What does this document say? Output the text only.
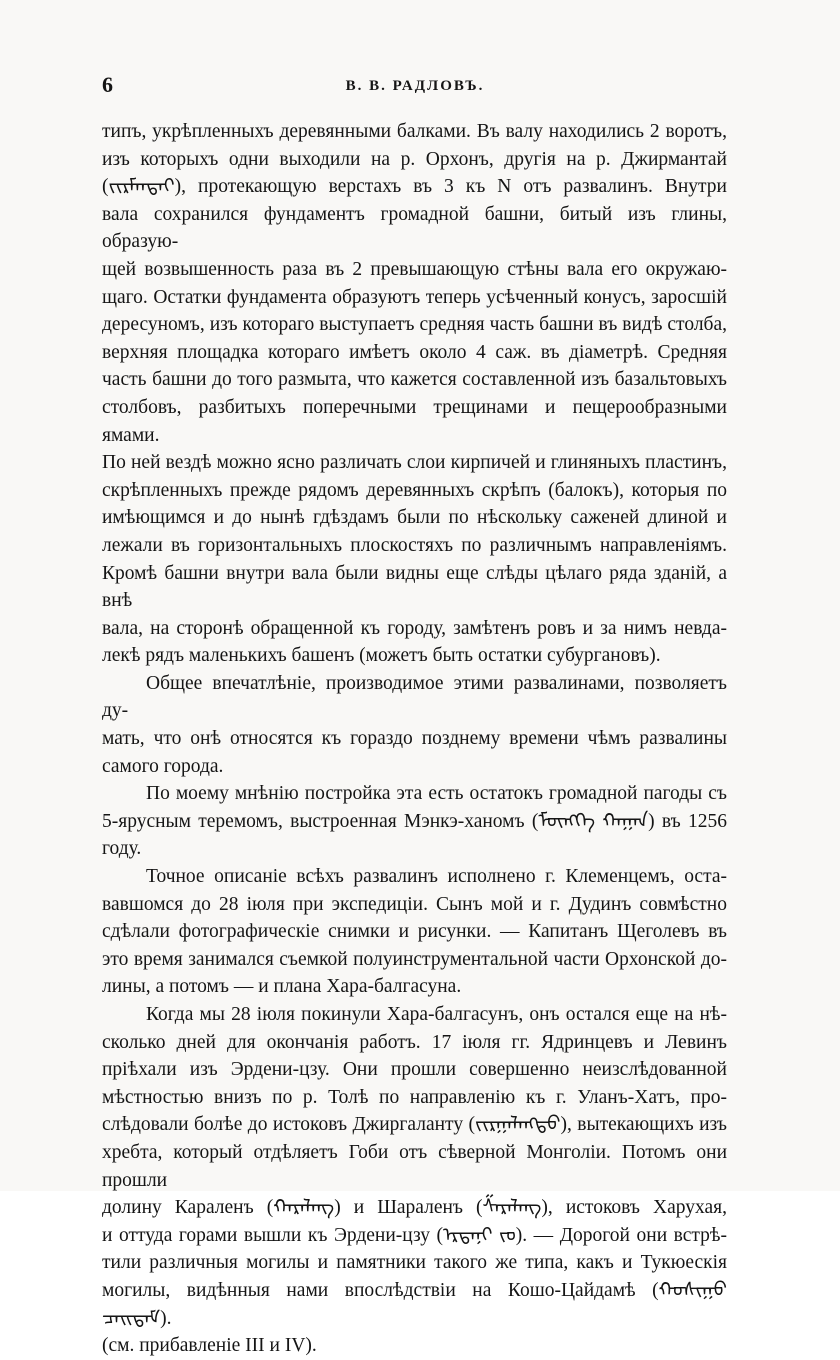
6	В. В. РАДЛОВЪ.

типъ, укрѣпленныхъ деревянными балками. Въ валу находились 2 воротъ,
изъ которыхъ одни выходили на р. Орхонъ, другія на р. Джирмантай
(ᠵᠢᠷᠮᠠᠨᠲᠠᠢ), протекающую верстахъ въ 3 къ N отъ развалинъ. Внутри
вала сохранился фундаментъ громадной башни, битый изъ глины, образую-
щей возвышенность раза въ 2 превышающую стѣны вала его окружаю-
щаго. Остатки фундамента образуютъ теперь усѣченный конусъ, заросшій
дересуномъ, изъ котораго выступаетъ средняя часть башни въ видѣ столба,
верхняя площадка котораго имѣетъ около 4 саж. въ діаметрѣ. Средняя
часть башни до того размыта, что кажется составленной изъ базальтовыхъ
столбовъ, разбитыхъ поперечными трещинами и пещерообразными ямами.
По ней вездѣ можно ясно различать слои кирпичей и глиняныхъ пластинъ,
скрѣпленныхъ прежде рядомъ деревянныхъ скрѣпъ (балокъ), которыя по
имѣющимся и до нынѣ гдѣздамъ были по нѣскольку саженей длиной и
лежали въ горизонтальныхъ плоскостяхъ по различнымъ направленіямъ.
Кромѣ башни внутри вала были видны еще слѣды цѣлаго ряда зданій, а внѣ
вала, на сторонѣ обращенной къ городу, замѣтенъ ровъ и за нимъ невда-
лекѣ рядъ маленькихъ башенъ (можетъ быть остатки субургановъ).

Общее впечатлѣніе, производимое этими развалинами, позволяетъ ду-
мать, что онѣ относятся къ гораздо позднему времени чѣмъ развалины
самого города.

По моему мнѣнію постройка эта есть остатокъ громадной пагоды съ
5-ярусным теремомъ, выстроенная Мэнкэ-ханомъ (ᠮᠥᠩᠬᠡ ᠬᠠᠭᠠᠨ) въ 1256
году.

Точное описаніе всѣхъ развалинъ исполнено г. Клеменцемъ, оста-
вавшомся до 28 іюля при экспедиціи. Сынъ мой и г. Дудинъ совмѣстно
сдѣлали фотографическіе снимки и рисунки. — Капитанъ Щеголевъ въ
это время занимался съемкой полуинструментальной части Орхонской до-
лины, а потомъ — и плана Хара-балгасуна.

Когда мы 28 іюля покинули Хара-балгасунъ, онъ остался еще на нѣ-
сколько дней для окончанія работъ. 17 іюля гг. Ядринцевъ и Левинъ
пріѣхали изъ Эрдени-цзу. Они прошли совершенно неизслѣдованной
мѣстностью внизъ по р. Толѣ по направленію къ г. Уланъ-Хатъ, про-
слѣдовали болѣе до истоковъ Джиргаланту (ᠵᠢᠷᠭᠠᠯᠠᠩᠲᠤ), вытекающихъ изъ
хребта, который отдѣляетъ Гоби отъ сѣверной Монголіи. Потомъ они прошли
долину Караленъ (ᠬᠠᠷᠠᠯᠠᠩ) и Шараленъ (ᠱᠠᠷᠠᠯᠠᠩ), истоковъ Харухая,
и оттуда горами вышли къ Эрдени-цзу (ᠡᠷᠳᠡᠨᠢ ᠵᠤ). — Дорогой они встрѣ-
тили различныя могилы и памятники такого же типа, какъ и Тукюескія
могилы, видѣнныя нами впослѣдствіи на Кошо-Цайдамѣ (ᠬᠣᠰᠢᠭᠤ ᠴᠠᠢᠳᠠᠮ).
(см. прибавленіе III и IV).
